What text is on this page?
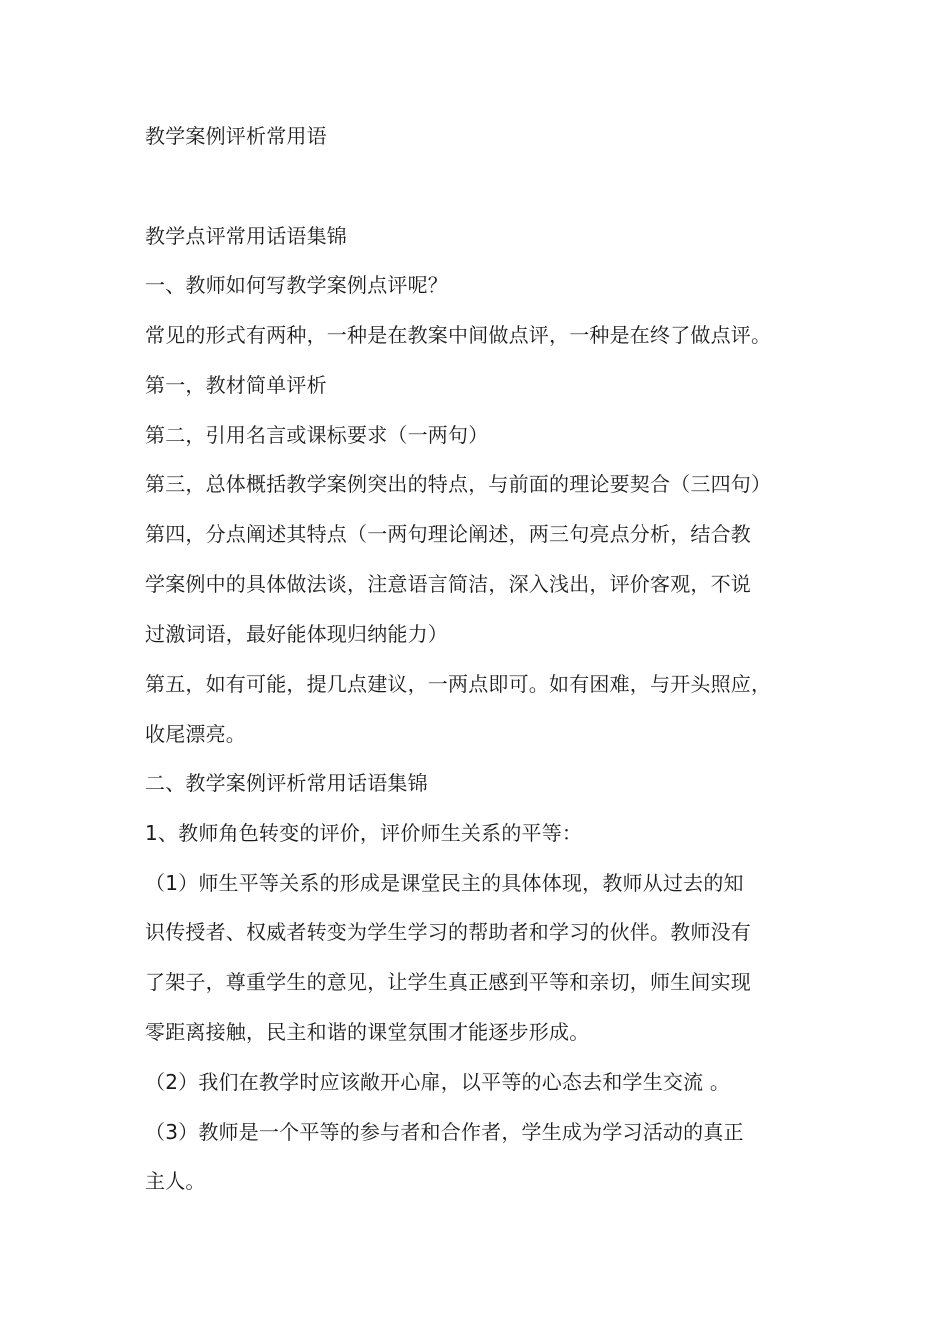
教学案例评析常用语
教学点评常用话语集锦
一、教师如何写教学案例点评呢？
常见的形式有两种，一种是在教案中间做点评，一种是在终了做点评。
第一，教材简单评析
第二，引用名言或课标要求（一两句）
第三，总体概括教学案例突出的特点，与前面的理论要契合（三四句）
第四，分点阐述其特点（一两句理论阐述，两三句亮点分析，结合教
学案例中的具体做法谈，注意语言简洁，深入浅出，评价客观，不说
过激词语，最好能体现归纳能力）
第五，如有可能，提几点建议，一两点即可。如有困难，与开头照应，
收尾漂亮。
二、教学案例评析常用话语集锦
1、教师角色转变的评价，评价师生关系的平等：
（1）师生平等关系的形成是课堂民主的具体体现，教师从过去的知
识传授者、权威者转变为学生学习的帮助者和学习的伙伴。教师没有
了架子，尊重学生的意见，让学生真正感到平等和亲切，师生间实现
零距离接触，民主和谐的课堂氛围才能逐步形成。
（2）我们在教学时应该敞开心扉，以平等的心态去和学生交流 。
（3）教师是一个平等的参与者和合作者，学生成为学习活动的真正
主人。
